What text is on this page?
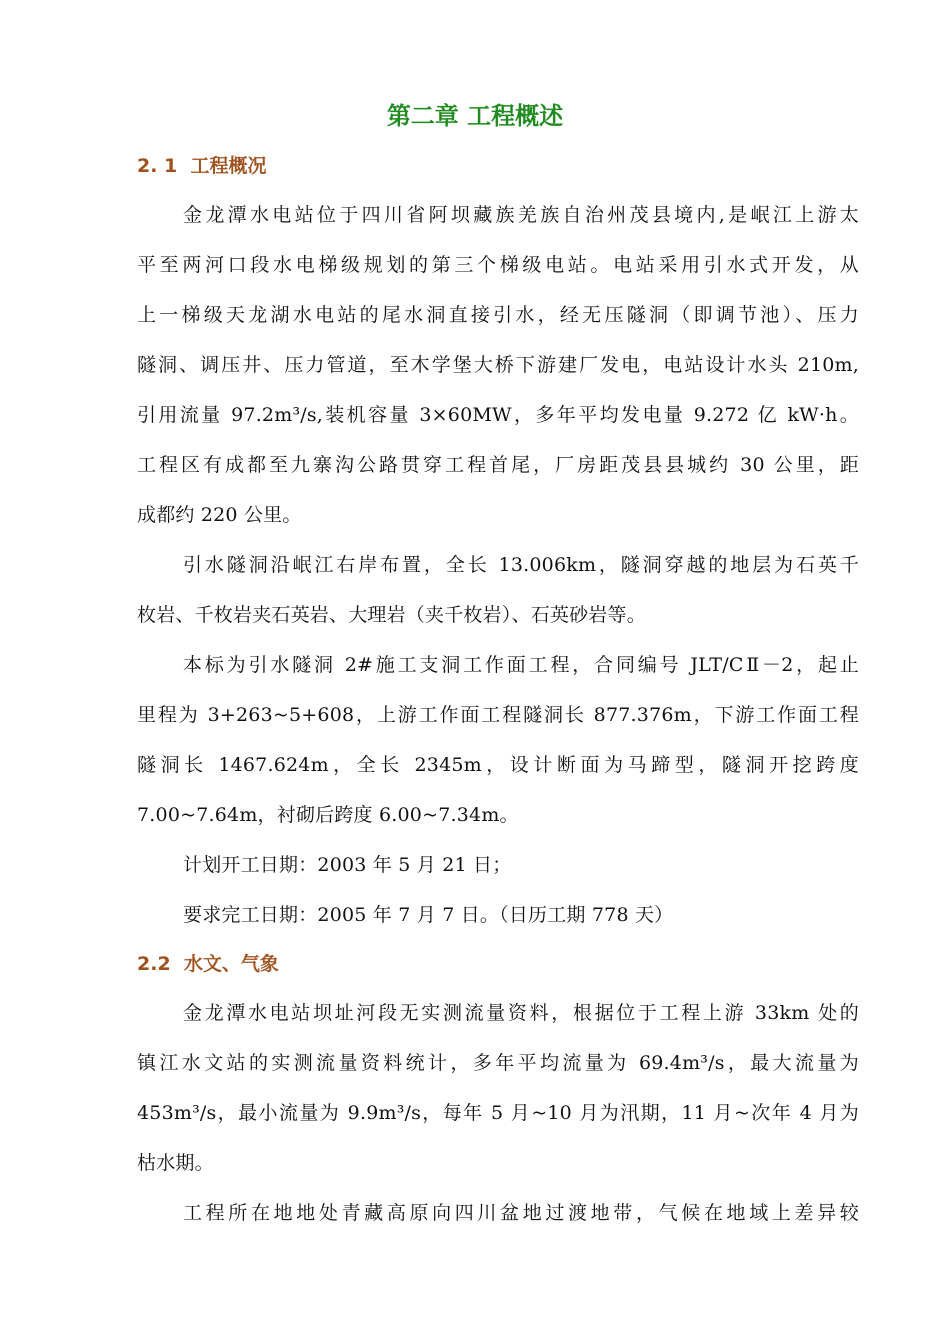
第二章 工程概述
2. 1  工程概况
金龙潭水电站位于四川省阿坝藏族羌族自治州茂县境内,是岷江上游太
平至两河口段水电梯级规划的第三个梯级电站。电站采用引水式开发，从
上一梯级天龙湖水电站的尾水洞直接引水，经无压隧洞（即调节池）、压力
隧洞、调压井、压力管道，至木学堡大桥下游建厂发电，电站设计水头 210m,
引用流量 97.2m³/s,装机容量 3×60MW，多年平均发电量 9.272 亿 kW·h。
工程区有成都至九寨沟公路贯穿工程首尾，厂房距茂县县城约 30 公里，距
成都约 220 公里。
引水隧洞沿岷江右岸布置，全长 13.006km，隧洞穿越的地层为石英千
枚岩、千枚岩夹石英岩、大理岩（夹千枚岩）、石英砂岩等。
本标为引水隧洞 2#施工支洞工作面工程，合同编号 JLT/CⅡ－2，起止
里程为 3+263~5+608，上游工作面工程隧洞长 877.376m，下游工作面工程
隧洞长 1467.624m，全长 2345m，设计断面为马蹄型，隧洞开挖跨度
7.00~7.64m，衬砌后跨度 6.00~7.34m。
计划开工日期：2003 年 5 月 21 日；
要求完工日期：2005 年 7 月 7 日。（日历工期 778 天）
2.2  水文、气象
金龙潭水电站坝址河段无实测流量资料，根据位于工程上游 33km 处的
镇江水文站的实测流量资料统计，多年平均流量为 69.4m³/s，最大流量为
453m³/s，最小流量为 9.9m³/s，每年 5 月~10 月为汛期，11 月~次年 4 月为
枯水期。
工程所在地地处青藏高原向四川盆地过渡地带，气候在地域上差异较
